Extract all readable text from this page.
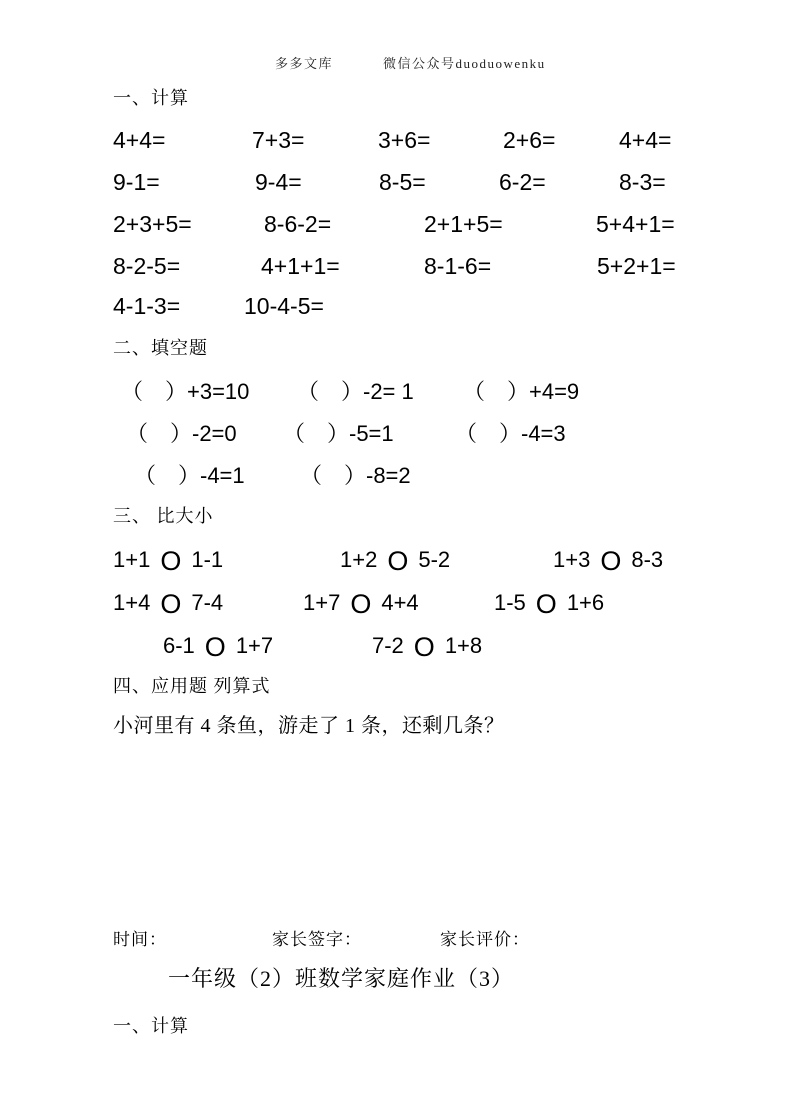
多多文库	微信公众号duoduowenku
一、计算
4+4=	7+3=	3+6=	2+6=	4+4=
9-1=	9-4=	8-5=	6-2=	8-3=
2+3+5=	8-6-2=	2+1+5=	5+4+1=
8-2-5=	4+1+1=	8-1-6=	5+2+1=
4-1-3=	10-4-5=
二、填空题
（　）+3=10 （　）-2= 1 （　）+4=9
（　）-2=0 （　）-5=1	（　）-4=3
（　）-4=1	（　）-8=2
三、 比大小
1+1 O 1-1	1+2 O 5-2	1+3 O 8-3
1+4 O 7-4	1+7 O 4+4	1-5 O 1+6
6-1 O 1+7	7-2 O 1+8
四、应用题 列算式
小河里有 4 条鱼，游走了 1 条，还剩几条？
时间：	家长签字：	家长评价：
一年级（2）班数学家庭作业（3）
一、计算
